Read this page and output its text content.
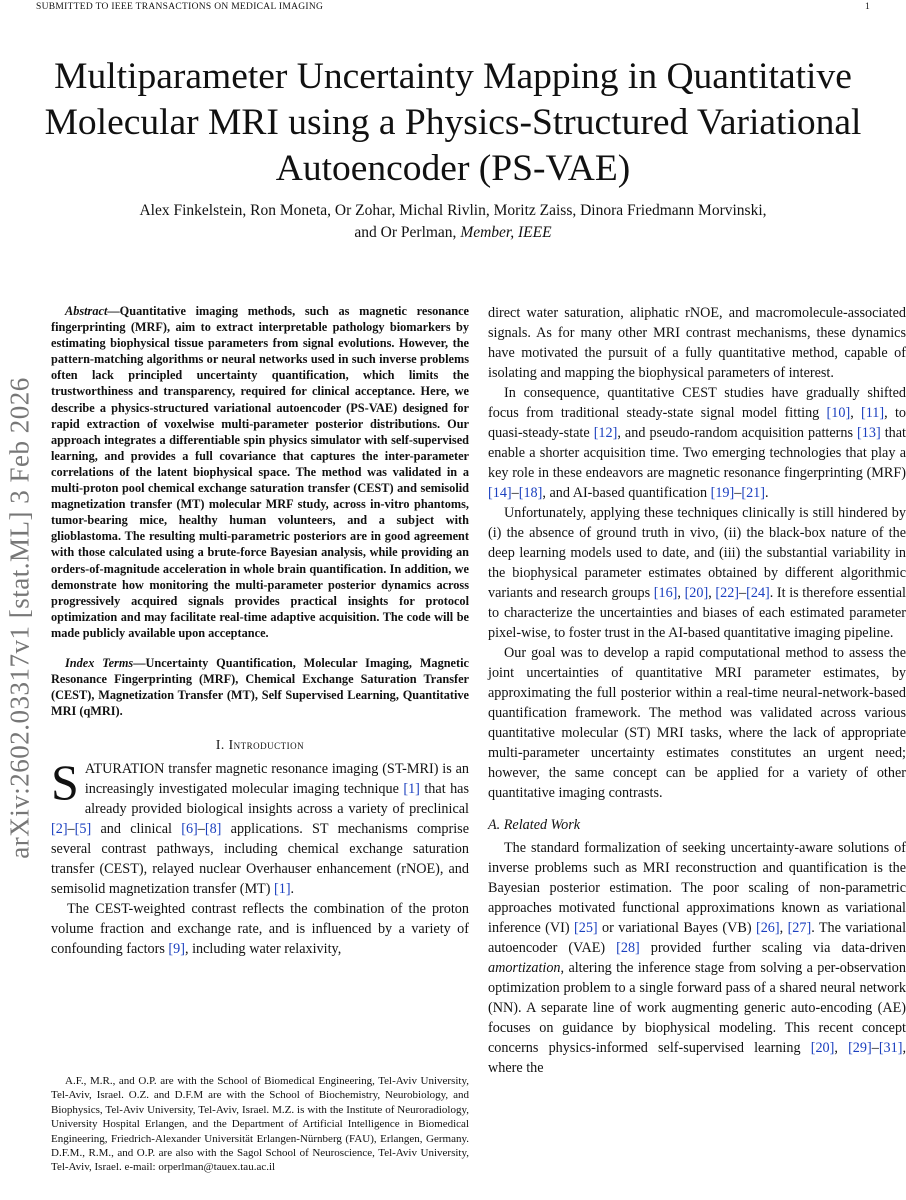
SUBMITTED TO IEEE TRANSACTIONS ON MEDICAL IMAGING	1
arXiv:2602.03317v1 [stat.ML] 3 Feb 2026
Multiparameter Uncertainty Mapping in Quantitative Molecular MRI using a Physics-Structured Variational Autoencoder (PS-VAE)
Alex Finkelstein, Ron Moneta, Or Zohar, Michal Rivlin, Moritz Zaiss, Dinora Friedmann Morvinski,
and Or Perlman, Member, IEEE

Abstract—Quantitative imaging methods, such as magnetic resonance fingerprinting (MRF), aim to extract interpretable pathology biomarkers by estimating biophysical tissue parameters from signal evolutions. However, the pattern-matching algorithms or neural networks used in such inverse problems often lack principled uncertainty quantification, which limits the trustworthiness and transparency, required for clinical acceptance. Here, we describe a physics-structured variational autoencoder (PS-VAE) designed for rapid extraction of voxelwise multi-parameter posterior distributions. Our approach integrates a differentiable spin physics simulator with self-supervised learning, and provides a full covariance that captures the inter-parameter correlations of the latent biophysical space. The method was validated in a multi-proton pool chemical exchange saturation transfer (CEST) and semisolid magnetization transfer (MT) molecular MRF study, across in-vitro phantoms, tumor-bearing mice, healthy human volunteers, and a subject with glioblastoma. The resulting multi-parametric posteriors are in good agreement with those calculated using a brute-force Bayesian analysis, while providing an orders-of-magnitude acceleration in whole brain quantification. In addition, we demonstrate how monitoring the multi-parameter posterior dynamics across progressively acquired signals provides practical insights for protocol optimization and may facilitate real-time adaptive acquisition. The code will be made publicly available upon acceptance.

Index Terms—Uncertainty Quantification, Molecular Imaging, Magnetic Resonance Fingerprinting (MRF), Chemical Exchange Saturation Transfer (CEST), Magnetization Transfer (MT), Self Supervised Learning, Quantitative MRI (qMRI).

I. Introduction

SATURATION transfer magnetic resonance imaging (ST-MRI) is an increasingly investigated molecular imaging technique [1] that has already provided biological insights across a variety of preclinical [2]–[5] and clinical [6]–[8] applications. ST mechanisms comprise several contrast pathways, including chemical exchange saturation transfer (CEST), relayed nuclear Overhauser enhancement (rNOE), and semisolid magnetization transfer (MT) [1].

The CEST-weighted contrast reflects the combination of the proton volume fraction and exchange rate, and is influenced by a variety of confounding factors [9], including water relaxivity,

A.F., M.R., and O.P. are with the School of Biomedical Engineering, Tel-Aviv University, Tel-Aviv, Israel. O.Z. and D.F.M are with the School of Biochemistry, Neurobiology, and Biophysics, Tel-Aviv University, Tel-Aviv, Israel. M.Z. is with the Institute of Neuroradiology, University Hospital Erlangen, and the Department of Artificial Intelligence in Biomedical Engineering, Friedrich-Alexander Universität Erlangen-Nürnberg (FAU), Erlangen, Germany. D.F.M., R.M., and O.P. are also with the Sagol School of Neuroscience, Tel-Aviv University, Tel-Aviv, Israel. e-mail: orperlman@tauex.tau.ac.il

direct water saturation, aliphatic rNOE, and macromolecule-associated signals. As for many other MRI contrast mechanisms, these dynamics have motivated the pursuit of a fully quantitative method, capable of isolating and mapping the biophysical parameters of interest.

In consequence, quantitative CEST studies have gradually shifted focus from traditional steady-state signal model fitting [10], [11], to quasi-steady-state [12], and pseudo-random acquisition patterns [13] that enable a shorter acquisition time. Two emerging technologies that play a key role in these endeavors are magnetic resonance fingerprinting (MRF) [14]–[18], and AI-based quantification [19]–[21].

Unfortunately, applying these techniques clinically is still hindered by (i) the absence of ground truth in vivo, (ii) the black-box nature of the deep learning models used to date, and (iii) the substantial variability in the biophysical parameter estimates obtained by different algorithmic variants and research groups [16], [20], [22]–[24]. It is therefore essential to characterize the uncertainties and biases of each estimated parameter pixel-wise, to foster trust in the AI-based quantitative imaging pipeline.

Our goal was to develop a rapid computational method to assess the joint uncertainties of quantitative MRI parameter estimates, by approximating the full posterior within a real-time neural-network-based quantification framework. The method was validated across various quantitative molecular (ST) MRI tasks, where the lack of appropriate multi-parameter uncertainty estimates constitutes an urgent need; however, the same concept can be applied for a variety of other quantitative imaging contrasts.

A. Related Work

The standard formalization of seeking uncertainty-aware solutions of inverse problems such as MRI reconstruction and quantification is the Bayesian posterior estimation. The poor scaling of non-parametric approaches motivated functional approximations known as variational inference (VI) [25] or variational Bayes (VB) [26], [27]. The variational autoencoder (VAE) [28] provided further scaling via data-driven amortization, altering the inference stage from solving a per-observation optimization problem to a single forward pass of a shared neural network (NN). A separate line of work augmenting generic auto-encoding (AE) focuses on guidance by biophysical modeling. This recent concept concerns physics-informed self-supervised learning [20], [29]–[31], where the
